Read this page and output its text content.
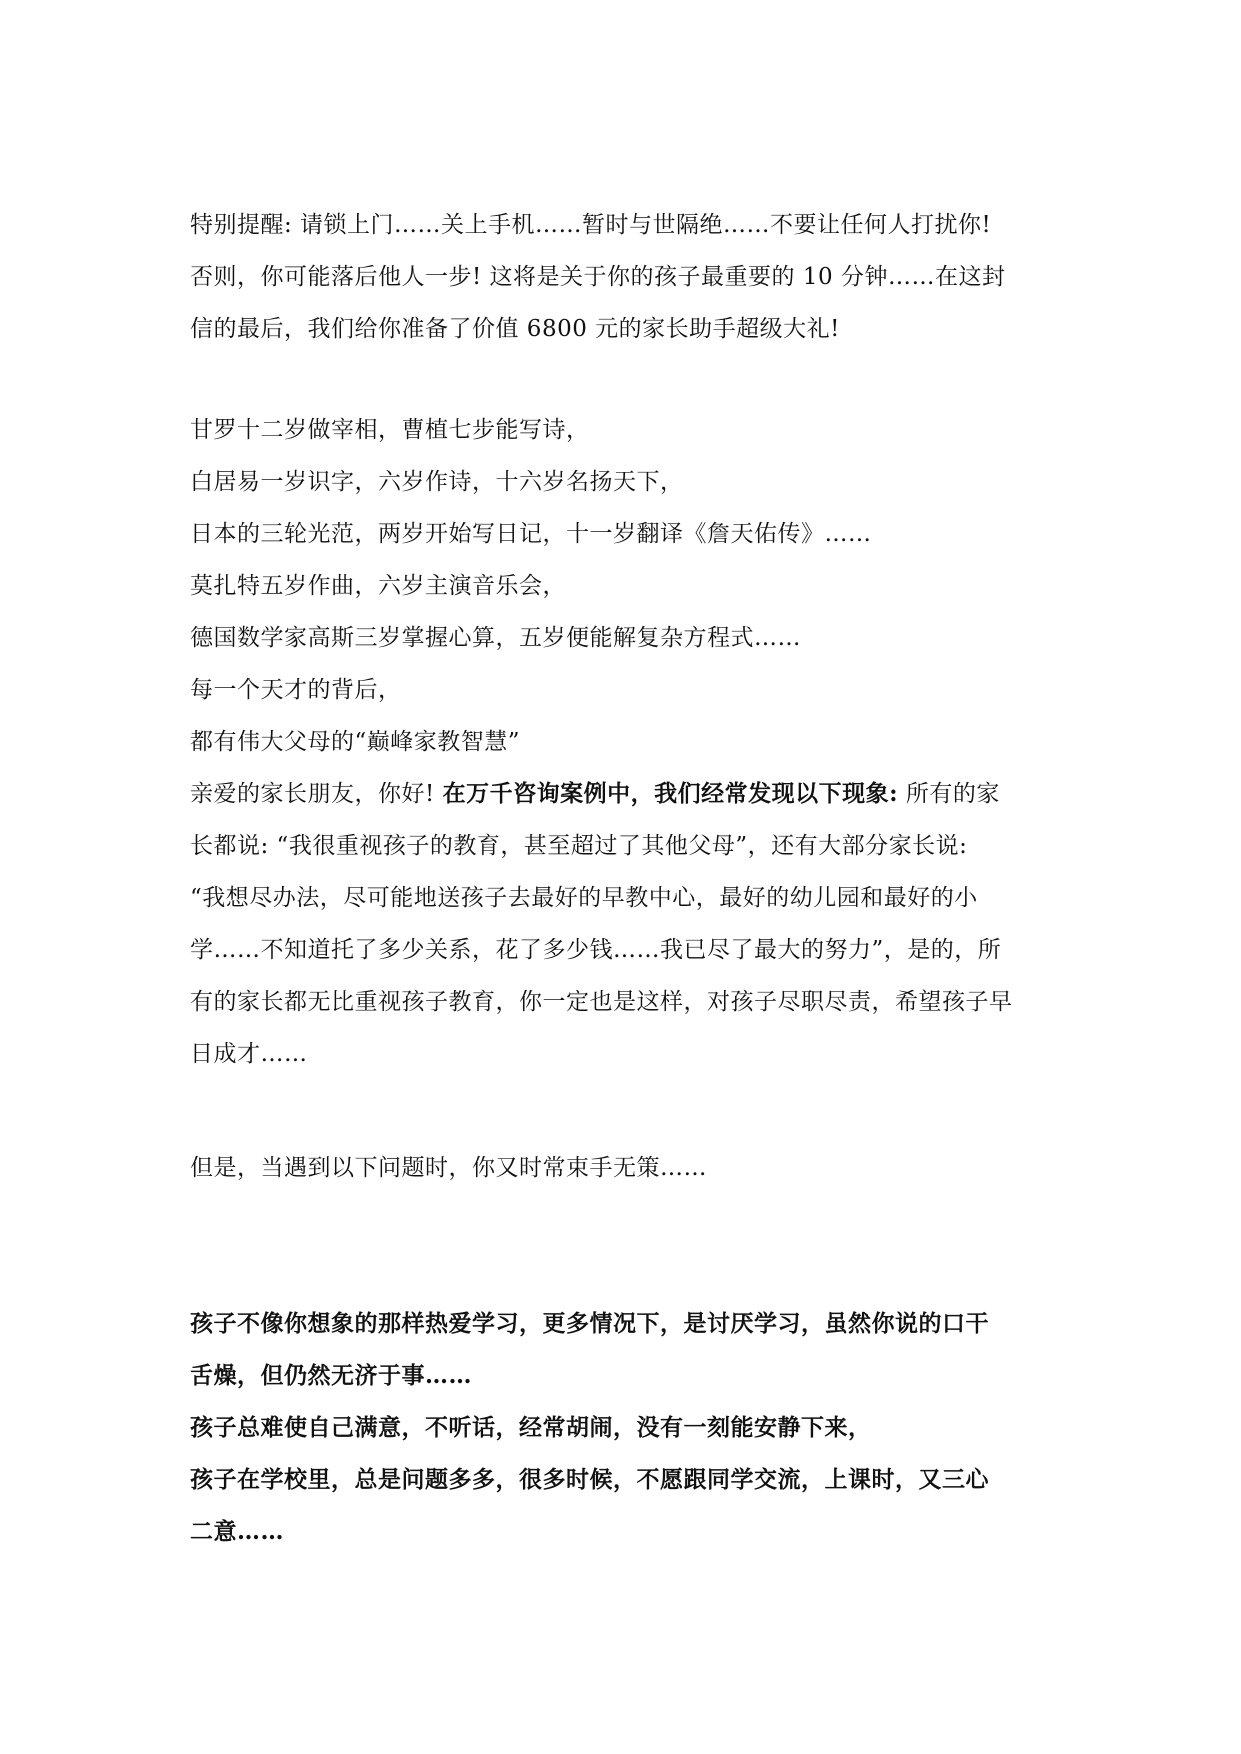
特别提醒: 请锁上门……关上手机……暂时与世隔绝……不要让任何人打扰你!
否则，你可能落后他人一步! 这将是关于你的孩子最重要的 10 分钟……在这封
信的最后，我们给你准备了价值 6800 元的家长助手超级大礼!
甘罗十二岁做宰相，曹植七步能写诗，
白居易一岁识字，六岁作诗，十六岁名扬天下，
日本的三轮光范，两岁开始写日记，十一岁翻译《詹天佑传》……
莫扎特五岁作曲，六岁主演音乐会，
德国数学家高斯三岁掌握心算，五岁便能解复杂方程式……
每一个天才的背后，
都有伟大父母的“巅峰家教智慧”
亲爱的家长朋友，你好! 在万千咨询案例中，我们经常发现以下现象: 所有的家
长都说: “我很重视孩子的教育，甚至超过了其他父母”，还有大部分家长说:
“我想尽办法，尽可能地送孩子去最好的早教中心，最好的幼儿园和最好的小
学……不知道托了多少关系，花了多少钱……我已尽了最大的努力”，是的，所
有的家长都无比重视孩子教育，你一定也是这样，对孩子尽职尽责，希望孩子早
日成才……
但是，当遇到以下问题时，你又时常束手无策……
孩子不像你想象的那样热爱学习，更多情况下，是讨厌学习，虽然你说的口干
舌燥，但仍然无济于事……
孩子总难使自己满意，不听话，经常胡闹，没有一刻能安静下来，
孩子在学校里，总是问题多多，很多时候，不愿跟同学交流，上课时，又三心
二意……
